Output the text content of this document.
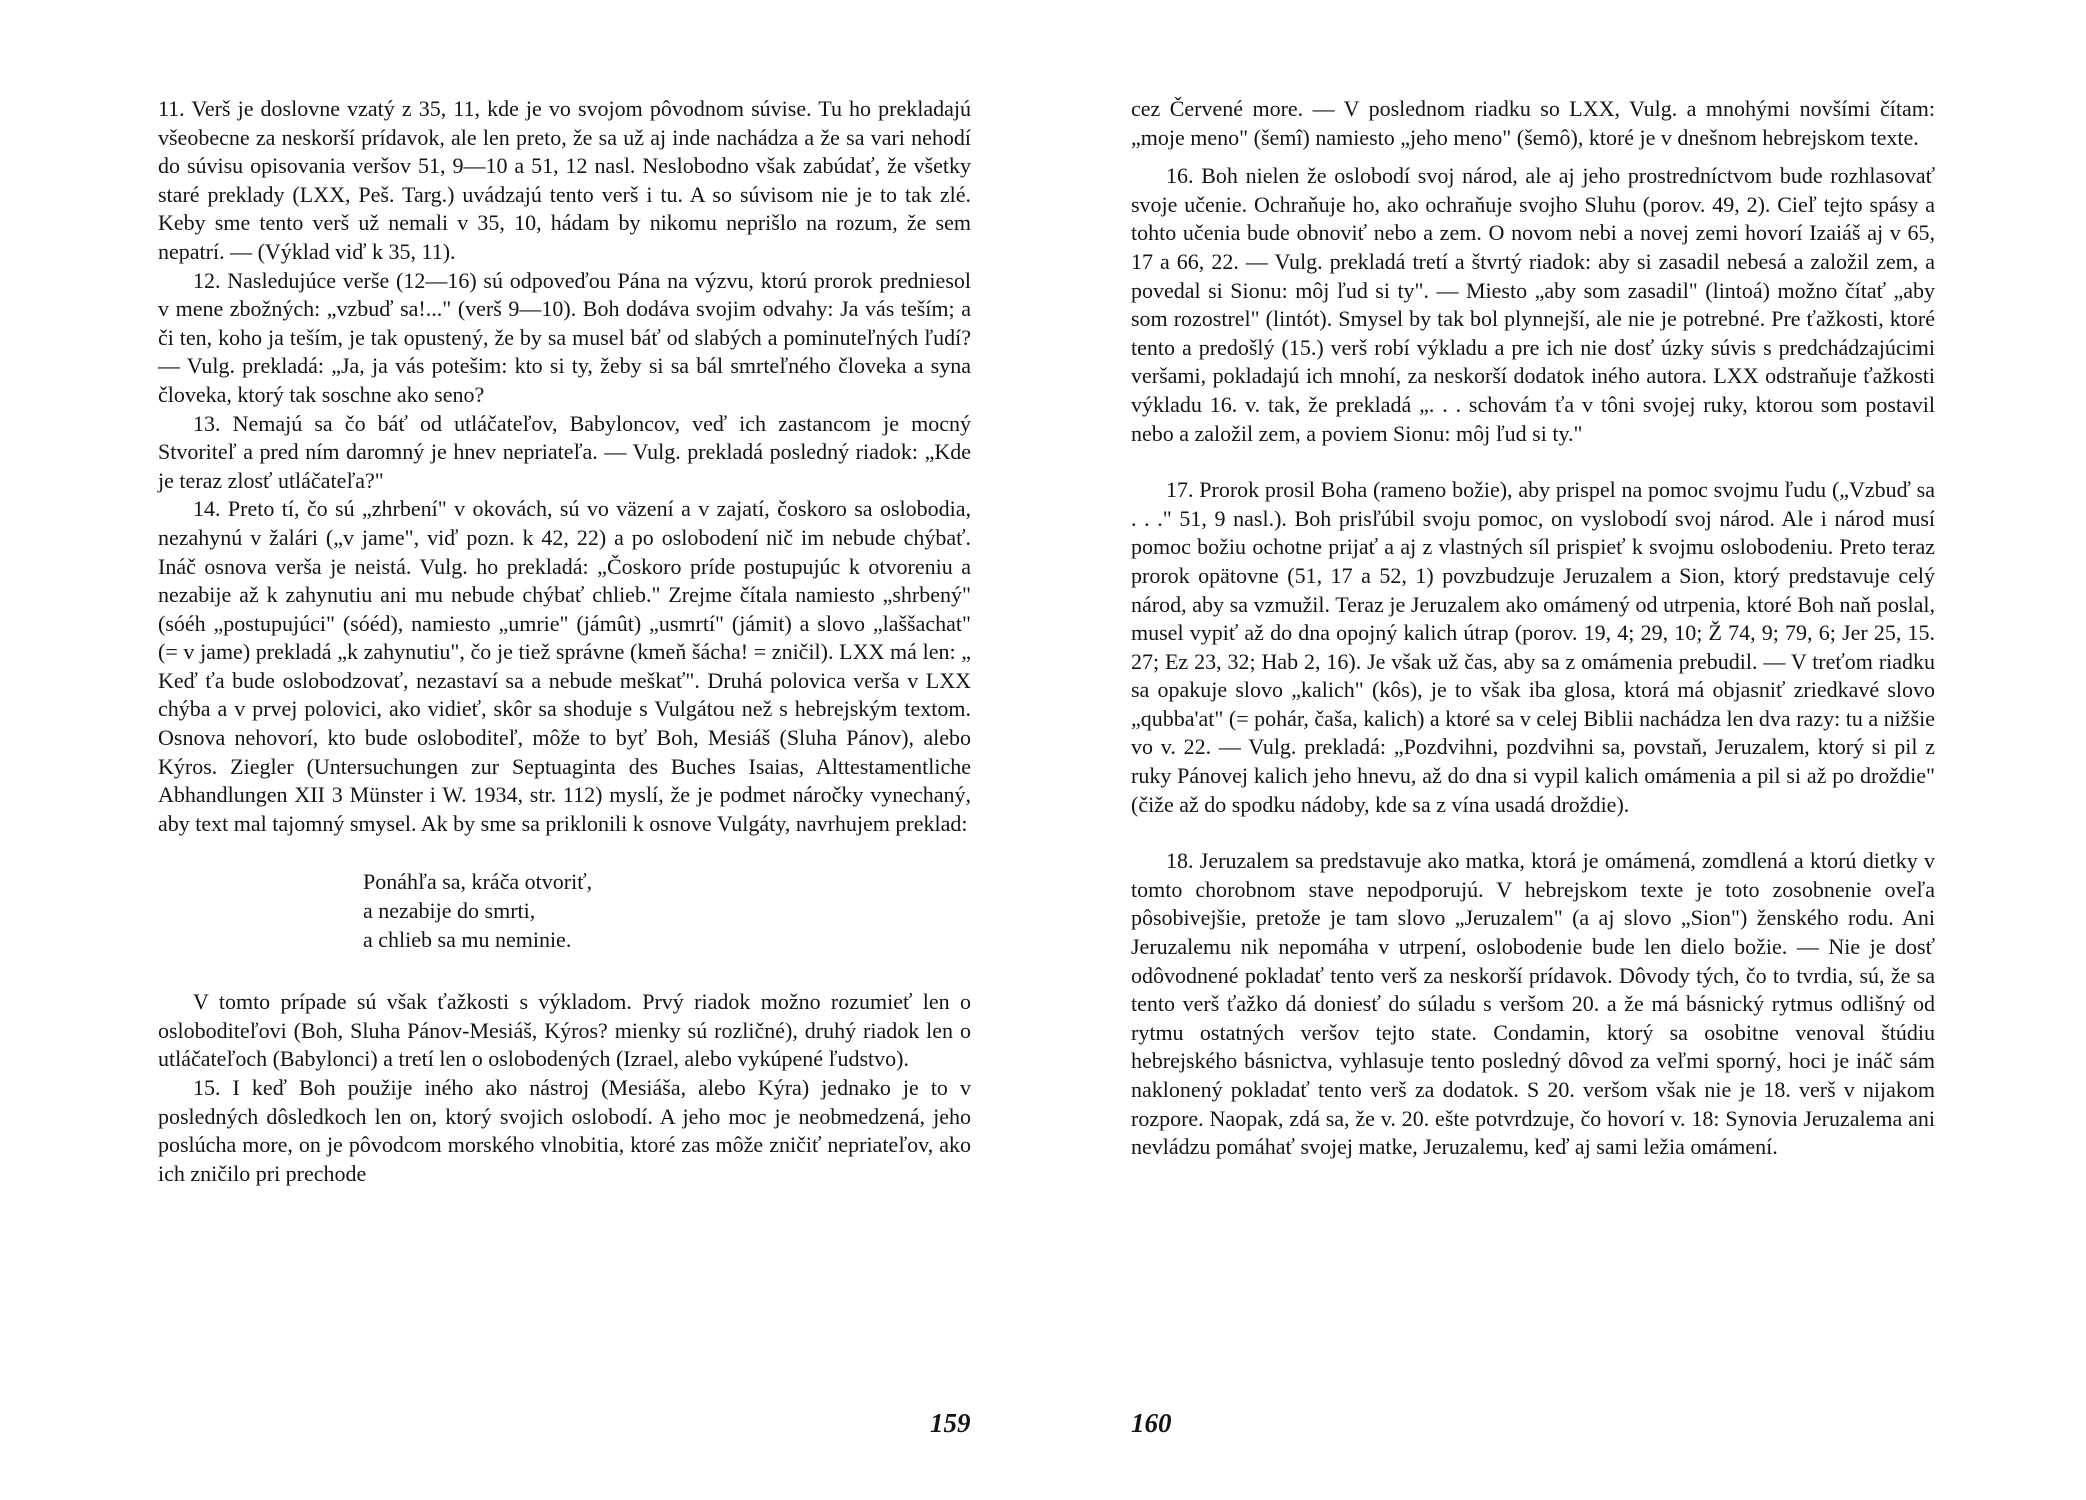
11. Verš je doslovne vzatý z 35, 11, kde je vo svojom pôvodnom súvise. Tu ho prekladajú všeobecne za neskorší prídavok, ale len preto, že sa už aj inde nachádza a že sa vari nehodí do súvisu opisovania veršov 51, 9—10 a 51, 12 nasl. Neslobodno však zabúdať, že všetky staré preklady (LXX, Peš. Targ.) uvádzajú tento verš i tu. A so súvisom nie je to tak zlé. Keby sme tento verš už nemali v 35, 10, hádam by nikomu neprišlo na rozum, že sem nepatrí. — (Výklad viď k 35, 11).

12. Nasledujúce verše (12—16) sú odpoveďou Pána na výzvu, ktorú prorok predniesol v mene zbožných: „vzbuď sa!..." (verš 9—10). Boh dodáva svojim odvahy: Ja vás teším; a či ten, koho ja teším, je tak opustený, že by sa musel báť od slabých a pominuteľných ľudí? — Vulg. prekladá: „Ja, ja vás potešim: kto si ty, žeby si sa bál smrteľného človeka a syna človeka, ktorý tak soschne ako seno?

13. Nemajú sa čo báť od utláčateľov, Babyloncov, veď ich zastancom je mocný Stvoriteľ a pred ním daromný je hnev nepriateľa. — Vulg. prekladá posledný riadok: „Kde je teraz zlosť utláčateľa?"

14. Preto tí, čo sú „zhrbení" v okovách, sú vo väzení a v zajatí, čoskoro sa oslobodia, nezahynú v žalári („v jame", viď pozn. k 42, 22) a po oslobodení nič im nebude chýbať. Ináč osnova verša je neistá. Vulg. ho prekladá: „Čoskoro príde postupujúc k otvoreniu a nezabije až k zahynutiu ani mu nebude chýbať chlieb." Zrejme čítala namiesto „shrbený" (sóéh „postupujúci" (sóéd), namiesto „umrie" (jámût) „usmrtí" (jámit) a slovo „laššachat" (= v jame) prekladá „k zahynutiu", čo je tiež správne (kmeň šácha! = zničil). LXX má len: „ Keď ťa bude oslobodzovať, nezastaví sa a nebude meškať". Druhá polovica verša v LXX chýba a v prvej polovici, ako vidieť, skôr sa shoduje s Vulgátou než s hebrejským textom. Osnova nehovorí, kto bude osloboditeľ, môže to byť Boh, Mesiáš (Sluha Pánov), alebo Kýros. Ziegler (Untersuchungen zur Septuaginta des Buches Isaias, Alttestamentliche Abhandlungen XII 3 Münster i W. 1934, str. 112) myslí, že je podmet náročky vynechaný, aby text mal tajomný smysel. Ak by sme sa priklonili k osnove Vulgáty, navrhujem preklad:

Ponáhľa sa, kráča otvoriť,
a nezabije do smrti,
a chlieb sa mu neminie.

V tomto prípade sú však ťažkosti s výkladom. Prvý riadok možno rozumieť len o osloboditeľovi (Boh, Sluha Pánov-Mesiáš, Kýros? mienky sú rozličné), druhý riadok len o utláčateľoch (Babylonci) a tretí len o oslobodených (Izrael, alebo vykúpené ľudstvo).

15. I keď Boh použije iného ako nástroj (Mesiáša, alebo Kýra) jednako je to v posledných dôsledkoch len on, ktorý svojich oslobodí. A jeho moc je neobmedzená, jeho poslúcha more, on je pôvodcom morského vlnobitia, ktoré zas môže zničiť nepriateľov, ako ich zničilo pri prechode

159

cez Červené more. — V poslednom riadku so LXX, Vulg. a mnohými novšími čítam: „moje meno" (šemî) namiesto „jeho meno" (šemô), ktoré je v dnešnom hebrejskom texte.

16. Boh nielen že oslobodí svoj národ, ale aj jeho prostredníctvom bude rozhlasovať svoje učenie. Ochraňuje ho, ako ochraňuje svojho Sluhu (porov. 49, 2). Cieľ tejto spásy a tohto učenia bude obnoviť nebo a zem. O novom nebi a novej zemi hovorí Izaiáš aj v 65, 17 a 66, 22. — Vulg. prekladá tretí a štvrtý riadok: aby si zasadil nebesá a založil zem, a povedal si Sionu: môj ľud si ty". — Miesto „aby som zasadil" (lintoá) možno čítať „aby som rozostrel" (lintót). Smysel by tak bol plynnejší, ale nie je potrebné. Pre ťažkosti, ktoré tento a predošlý (15.) verš robí výkladu a pre ich nie dosť úzky súvis s predchádzajúcimi veršami, pokladajú ich mnohí, za neskorší dodatok iného autora. LXX odstraňuje ťažkosti výkladu 16. v. tak, že prekladá „. . . schovám ťa v tôni svojej ruky, ktorou som postavil nebo a založil zem, a poviem Sionu: môj ľud si ty."

17. Prorok prosil Boha (rameno božie), aby prispel na pomoc svojmu ľudu („Vzbuď sa . . ." 51, 9 nasl.). Boh prisľúbil svoju pomoc, on vyslobodí svoj národ. Ale i národ musí pomoc božiu ochotne prijať a aj z vlastných síl prispieť k svojmu oslobodeniu. Preto teraz prorok opätovne (51, 17 a 52, 1) povzbudzuje Jeruzalem a Sion, ktorý predstavuje celý národ, aby sa vzmužil. Teraz je Jeruzalem ako omámený od utrpenia, ktoré Boh naň poslal, musel vypiť až do dna opojný kalich útrap (porov. 19, 4; 29, 10; Ž 74, 9; 79, 6; Jer 25, 15. 27; Ez 23, 32; Hab 2, 16). Je však už čas, aby sa z omámenia prebudil. — V treťom riadku sa opakuje slovo „kalich" (kôs), je to však iba glosa, ktorá má objasniť zriedkavé slovo „qubba'at" (= pohár, čaša, kalich) a ktoré sa v celej Biblii nachádza len dva razy: tu a nižšie vo v. 22. — Vulg. prekladá: „Pozdvihni, pozdvihni sa, povstaň, Jeruzalem, ktorý si pil z ruky Pánovej kalich jeho hnevu, až do dna si vypil kalich omámenia a pil si až po droždie" (čiže až do spodku nádoby, kde sa z vína usadá droždie).

18. Jeruzalem sa predstavuje ako matka, ktorá je omámená, zomdlená a ktorú dietky v tomto chorobnom stave nepodporujú. V hebrejskom texte je toto zosobnenie oveľa pôsobivejšie, pretože je tam slovo „Jeruzalem" (a aj slovo „Sion") ženského rodu. Ani Jeruzalemu nik nepomáha v utrpení, oslobodenie bude len dielo božie. — Nie je dosť odôvodnené pokladať tento verš za neskorší prídavok. Dôvody tých, čo to tvrdia, sú, že sa tento verš ťažko dá doniesť do súladu s veršom 20. a že má básnický rytmus odlišný od rytmu ostatných veršov tejto state. Condamin, ktorý sa osobitne venoval štúdiu hebrejského básnictva, vyhlasuje tento posledný dôvod za veľmi sporný, hoci je ináč sám naklonený pokladať tento verš za dodatok. S 20. veršom však nie je 18. verš v nijakom rozpore. Naopak, zdá sa, že v. 20. ešte potvrdzuje, čo hovorí v. 18: Synovia Jeruzalema ani nevládzu pomáhať svojej matke, Jeruzalemu, keď aj sami ležia omámení.

160
